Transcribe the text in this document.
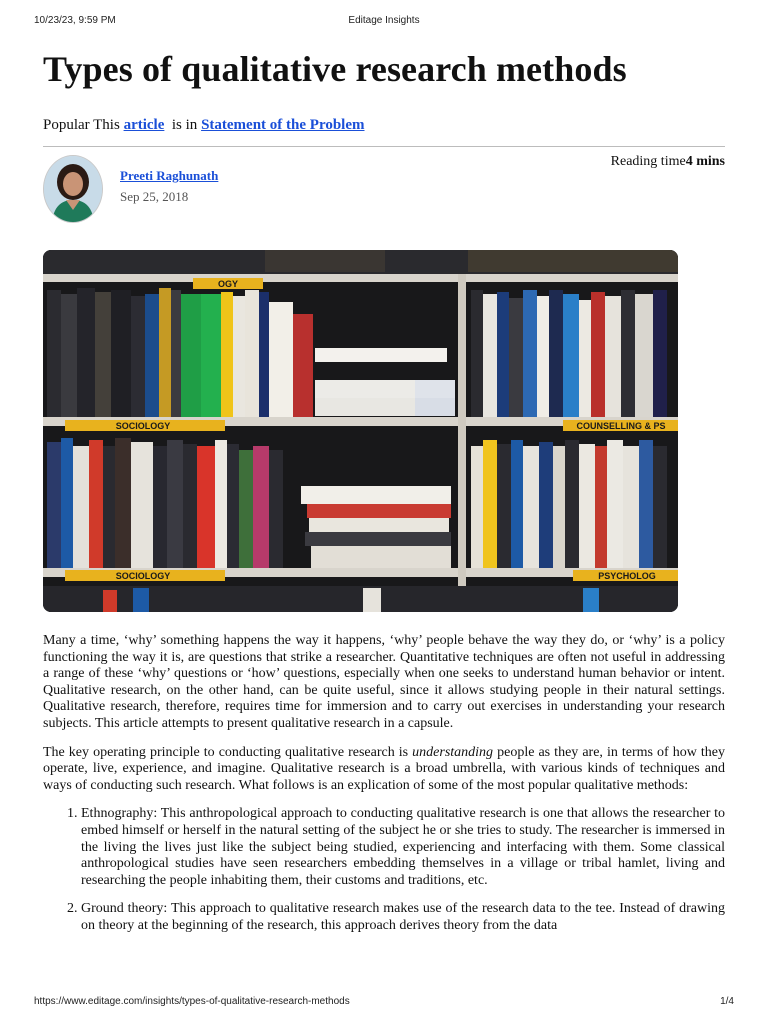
10/23/23, 9:59 PM	Editage Insights
Types of qualitative research methods
Popular This article is in Statement of the Problem
Preeti Raghunath
Sep 25, 2018
Reading time4 mins
OGY
SOCIOLOGY	COUNSELLING & PS
SOCIOLOGY	PSYCHOLOG

Many a time, ‘why’ something happens the way it happens, ‘why’ people behave the way they do, or ‘why’ is a policy functioning the way it is, are questions that strike a researcher. Quantitative techniques are often not useful in addressing a range of these ‘why’ questions or ‘how’ questions, especially when one seeks to understand human behavior or intent. Qualitative research, on the other hand, can be quite useful, since it allows studying people in their natural settings. Qualitative research, therefore, requires time for immersion and to carry out exercises in understanding your research subjects. This article attempts to present qualitative research in a capsule.

The key operating principle to conducting qualitative research is understanding people as they are, in terms of how they operate, live, experience, and imagine. Qualitative research is a broad umbrella, with various kinds of techniques and ways of conducting such research. What follows is an explication of some of the most popular qualitative methods:

1. Ethnography: This anthropological approach to conducting qualitative research is one that allows the researcher to embed himself or herself in the natural setting of the subject he or she tries to study. The researcher is immersed in the living the lives just like the subject being studied, experiencing and interfacing with them. Some classical anthropological studies have seen researchers embedding themselves in a village or tribal hamlet, living and researching the people inhabiting them, their customs and traditions, etc.
2. Ground theory: This approach to qualitative research makes use of the research data to the tee. Instead of drawing on theory at the beginning of the research, this approach derives theory from the data
https://www.editage.com/insights/types-of-qualitative-research-methods	1/4
